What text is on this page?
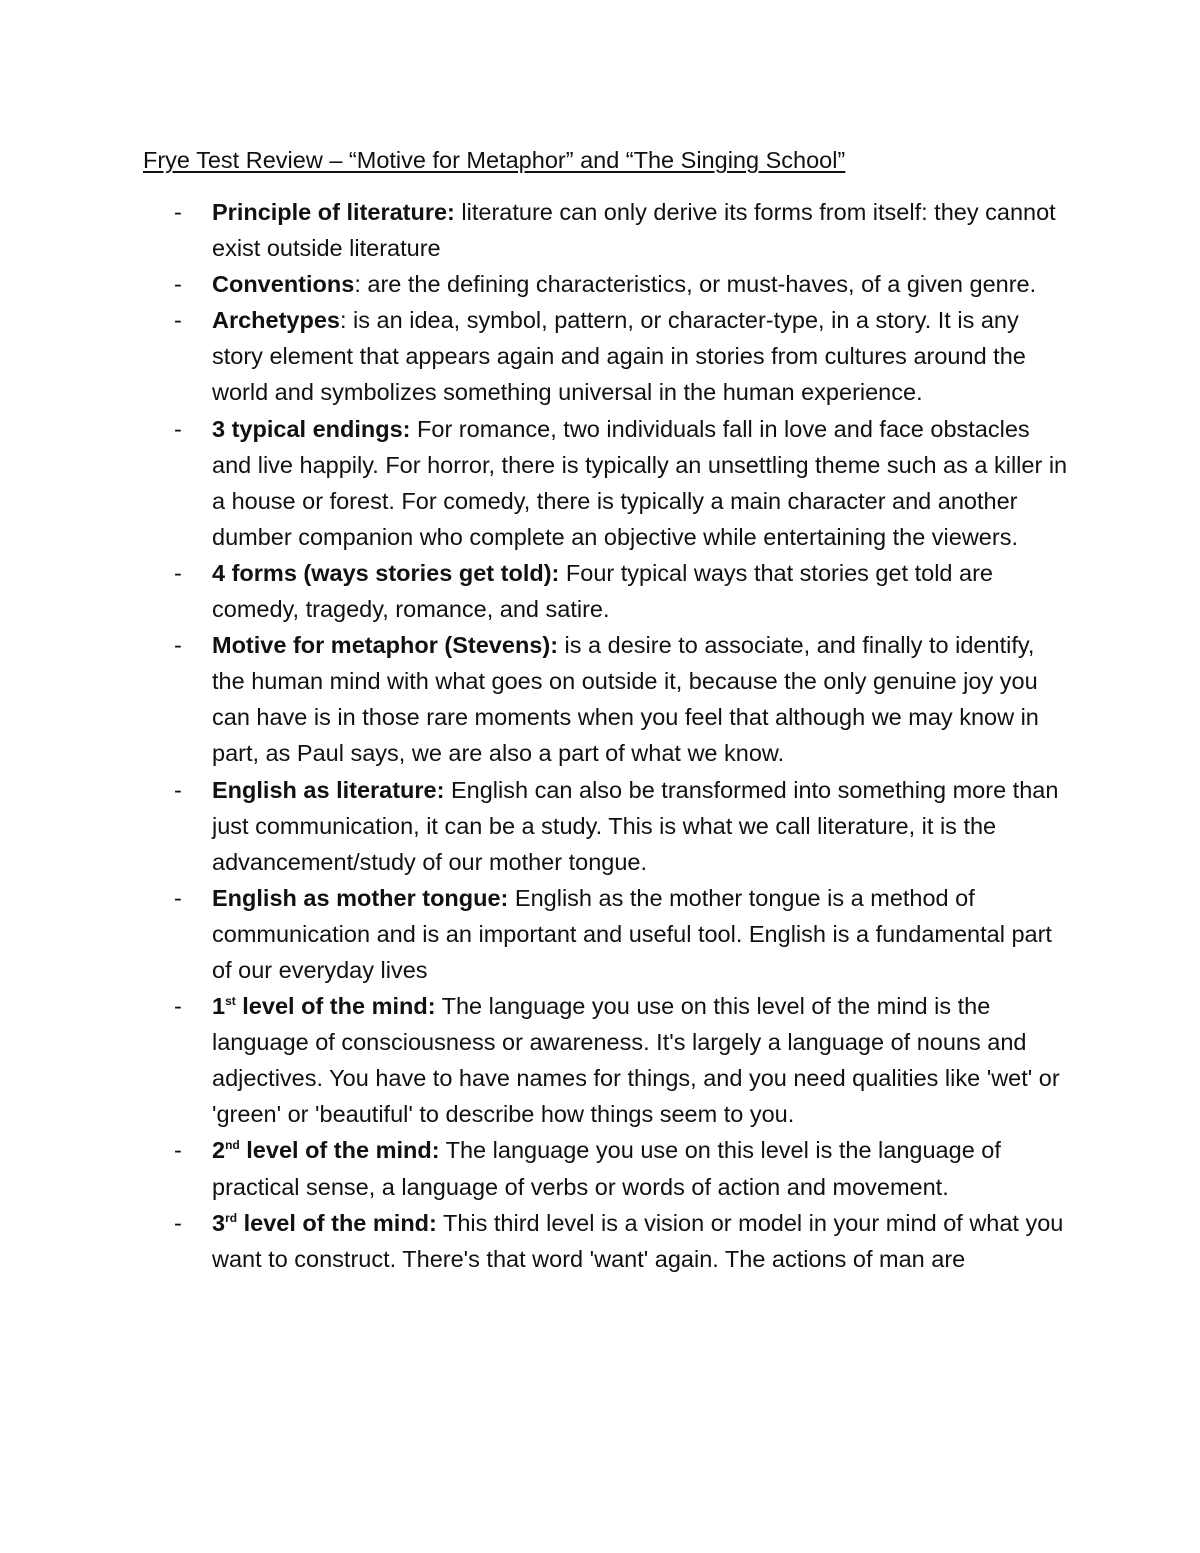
Frye Test Review – “Motive for Metaphor” and “The Singing School”
- Principle of literature: literature can only derive its forms from itself: they cannot exist outside literature
- Conventions: are the defining characteristics, or must-haves, of a given genre.
- Archetypes: is an idea, symbol, pattern, or character-type, in a story. It is any story element that appears again and again in stories from cultures around the world and symbolizes something universal in the human experience.
- 3 typical endings: For romance, two individuals fall in love and face obstacles and live happily. For horror, there is typically an unsettling theme such as a killer in a house or forest. For comedy, there is typically a main character and another dumber companion who complete an objective while entertaining the viewers.
- 4 forms (ways stories get told): Four typical ways that stories get told are comedy, tragedy, romance, and satire.
- Motive for metaphor (Stevens): is a desire to associate, and finally to identify, the human mind with what goes on outside it, because the only genuine joy you can have is in those rare moments when you feel that although we may know in part, as Paul says, we are also a part of what we know.
- English as literature: English can also be transformed into something more than just communication, it can be a study. This is what we call literature, it is the advancement/study of our mother tongue.
- English as mother tongue: English as the mother tongue is a method of communication and is an important and useful tool. English is a fundamental part of our everyday lives
- 1st level of the mind: The language you use on this level of the mind is the language of consciousness or awareness. It's largely a language of nouns and adjectives. You have to have names for things, and you need qualities like 'wet' or 'green' or 'beautiful' to describe how things seem to you.
- 2nd level of the mind: The language you use on this level is the language of practical sense, a language of verbs or words of action and movement.
- 3rd level of the mind: This third level is a vision or model in your mind of what you want to construct. There's that word 'want' again. The actions of man are
